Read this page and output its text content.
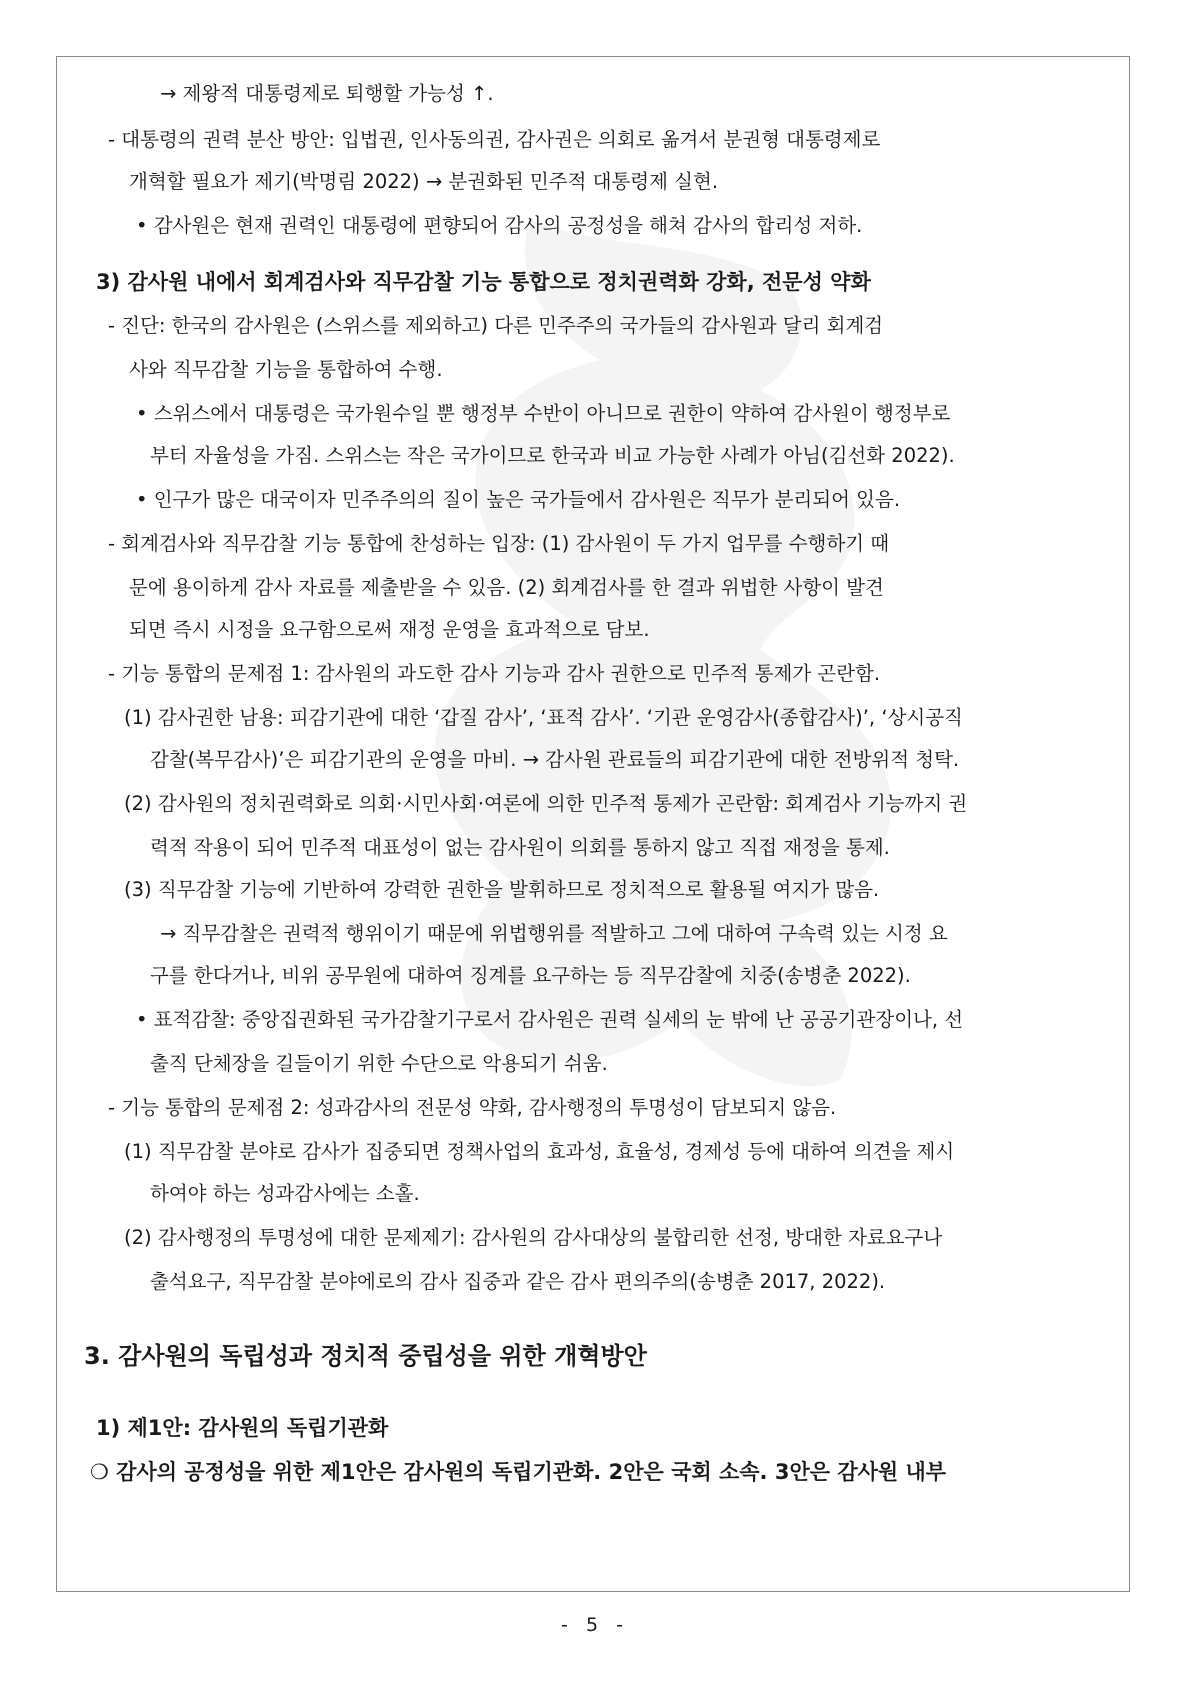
→ 제왕적 대통령제로 퇴행할 가능성 ↑.
- 대통령의 권력 분산 방안: 입법권, 인사동의권, 감사권은 의회로 옮겨서 분권형 대통령제로
개혁할 필요가 제기(박명림 2022) → 분권화된 민주적 대통령제 실현.
• 감사원은 현재 권력인 대통령에 편향되어 감사의 공정성을 해쳐 감사의 합리성 저하.
3) 감사원 내에서 회계검사와 직무감찰 기능 통합으로 정치권력화 강화, 전문성 약화
- 진단: 한국의 감사원은 (스위스를 제외하고) 다른 민주주의 국가들의 감사원과 달리 회계검
사와 직무감찰 기능을 통합하여 수행.
• 스위스에서 대통령은 국가원수일 뿐 행정부 수반이 아니므로 권한이 약하여 감사원이 행정부로
부터 자율성을 가짐. 스위스는 작은 국가이므로 한국과 비교 가능한 사례가 아님(김선화 2022).
• 인구가 많은 대국이자 민주주의의 질이 높은 국가들에서 감사원은 직무가 분리되어 있음.
- 회계검사와 직무감찰 기능 통합에 찬성하는 입장: (1) 감사원이 두 가지 업무를 수행하기 때
문에 용이하게 감사 자료를 제출받을 수 있음. (2) 회계검사를 한 결과 위법한 사항이 발견
되면 즉시 시정을 요구함으로써 재정 운영을 효과적으로 담보.
- 기능 통합의 문제점 1: 감사원의 과도한 감사 기능과 감사 권한으로 민주적 통제가 곤란함.
(1) 감사권한 남용: 피감기관에 대한 ‘갑질 감사’, ‘표적 감사’. ‘기관 운영감사(종합감사)’, ‘상시공직
감찰(복무감사)’은 피감기관의 운영을 마비. → 감사원 관료들의 피감기관에 대한 전방위적 청탁.
(2) 감사원의 정치권력화로 의회·시민사회·여론에 의한 민주적 통제가 곤란함: 회계검사 기능까지 권
력적 작용이 되어 민주적 대표성이 없는 감사원이 의회를 통하지 않고 직접 재정을 통제.
(3) 직무감찰 기능에 기반하여 강력한 권한을 발휘하므로 정치적으로 활용될 여지가 많음.
→ 직무감찰은 권력적 행위이기 때문에 위법행위를 적발하고 그에 대하여 구속력 있는 시정 요
구를 한다거나, 비위 공무원에 대하여 징계를 요구하는 등 직무감찰에 치중(송병춘 2022).
• 표적감찰: 중앙집권화된 국가감찰기구로서 감사원은 권력 실세의 눈 밖에 난 공공기관장이나, 선
출직 단체장을 길들이기 위한 수단으로 악용되기 쉬움.
- 기능 통합의 문제점 2: 성과감사의 전문성 약화, 감사행정의 투명성이 담보되지 않음.
(1) 직무감찰 분야로 감사가 집중되면 정책사업의 효과성, 효율성, 경제성 등에 대하여 의견을 제시
하여야 하는 성과감사에는 소홀.
(2) 감사행정의 투명성에 대한 문제제기: 감사원의 감사대상의 불합리한 선정, 방대한 자료요구나
출석요구, 직무감찰 분야에로의 감사 집중과 같은 감사 편의주의(송병춘 2017, 2022).
3. 감사원의 독립성과 정치적 중립성을 위한 개혁방안
1) 제1안: 감사원의 독립기관화
❍ 감사의 공정성을 위한 제1안은 감사원의 독립기관화. 2안은 국회 소속. 3안은 감사원 내부
- 5 -
